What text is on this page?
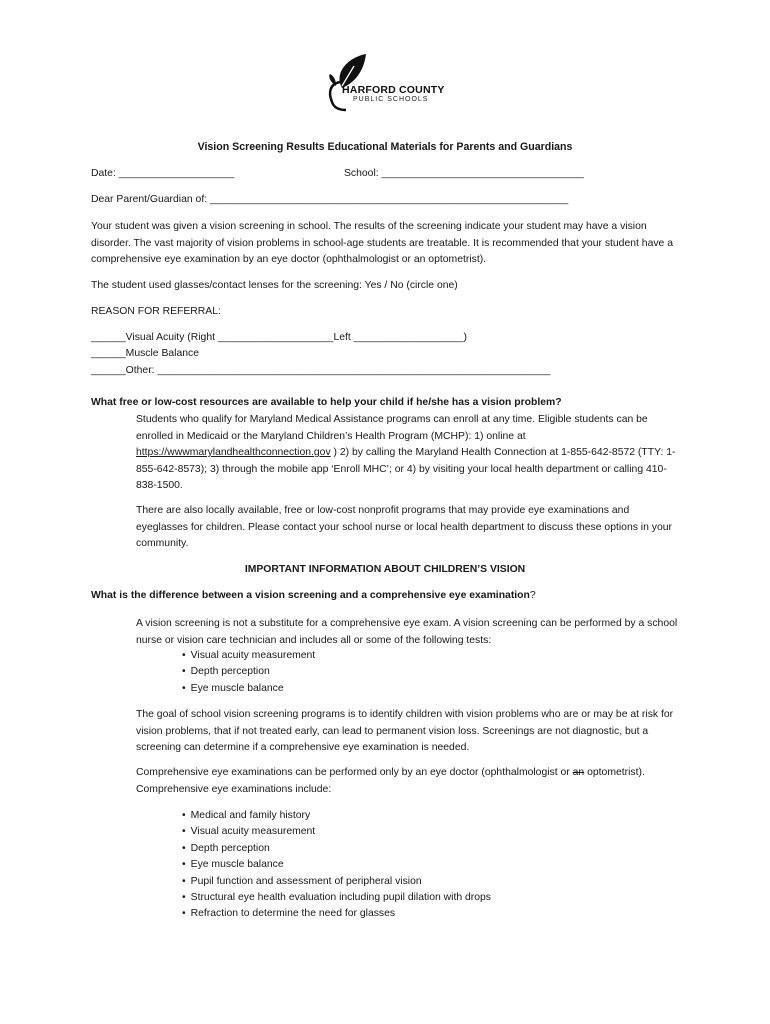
HARFORD COUNTY
PUBLIC SCHOOLS
Vision Screening Results Educational Materials for Parents and Guardians
Date: ____________________	School: ___________________________________
Dear Parent/Guardian of: ______________________________________________________________
Your student was given a vision screening in school. The results of the screening indicate your student may have a vision disorder. The vast majority of vision problems in school-age students are treatable. It is recommended that your student have a comprehensive eye examination by an eye doctor (ophthalmologist or an optometrist).
The student used glasses/contact lenses for the screening: Yes / No (circle one)
REASON FOR REFERRAL:
______Visual Acuity (Right ____________________Left ___________________)
______Muscle Balance
______Other: ____________________________________________________________________
What free or low-cost resources are available to help your child if he/she has a vision problem?
Students who qualify for Maryland Medical Assistance programs can enroll at any time. Eligible students can be enrolled in Medicaid or the Maryland Children’s Health Program (MCHP): 1) online at https://wwwmarylandhealthconnection.gov ) 2) by calling the Maryland Health Connection at 1-855-642-8572 (TTY: 1-855-642-8573); 3) through the mobile app ‘Enroll MHC’; or 4) by visiting your local health department or calling 410-838-1500.
There are also locally available, free or low-cost nonprofit programs that may provide eye examinations and eyeglasses for children. Please contact your school nurse or local health department to discuss these options in your community.
IMPORTANT INFORMATION ABOUT CHILDREN’S VISION
What is the difference between a vision screening and a comprehensive eye examination?
A vision screening is not a substitute for a comprehensive eye exam. A vision screening can be performed by a school nurse or vision care technician and includes all or some of the following tests:
• Visual acuity measurement
• Depth perception
• Eye muscle balance
The goal of school vision screening programs is to identify children with vision problems who are or may be at risk for vision problems, that if not treated early, can lead to permanent vision loss. Screenings are not diagnostic, but a screening can determine if a comprehensive eye examination is needed.
Comprehensive eye examinations can be performed only by an eye doctor (ophthalmologist or an optometrist). Comprehensive eye examinations include:
• Medical and family history
• Visual acuity measurement
• Depth perception
• Eye muscle balance
• Pupil function and assessment of peripheral vision
• Structural eye health evaluation including pupil dilation with drops
• Refraction to determine the need for glasses
